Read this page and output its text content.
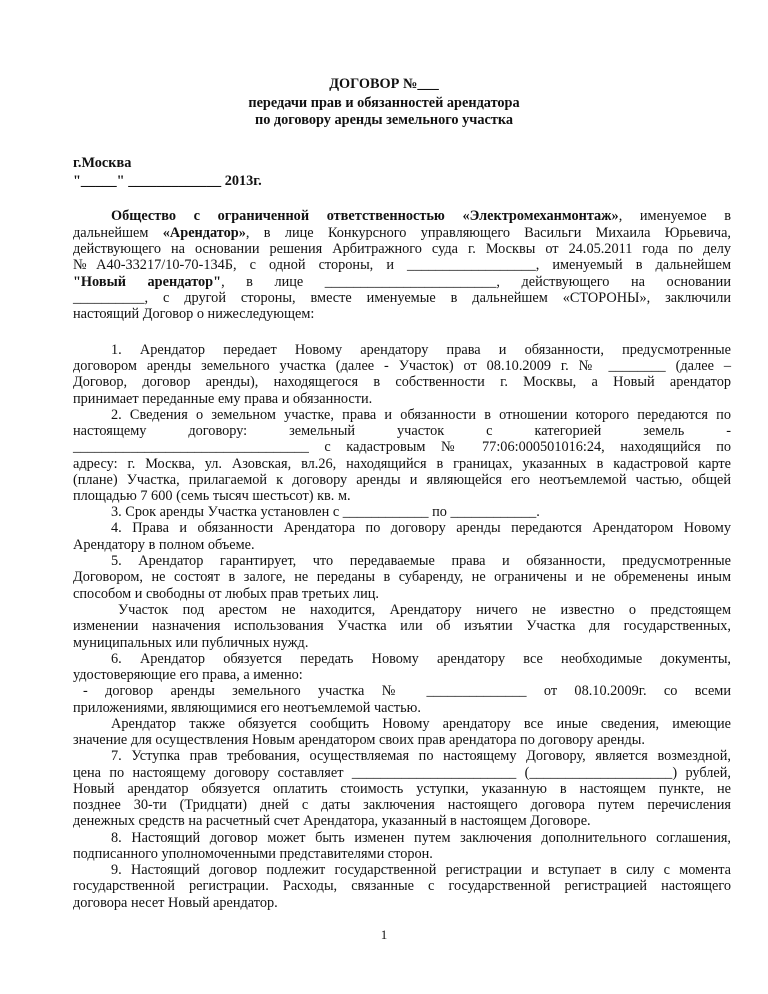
ДОГОВОР №___
передачи прав и обязанностей арендатора
по договору аренды земельного участка
г.Москва
"_____" _____________ 2013г.
Общество с ограниченной ответственностью «Электромеханмонтаж», именуемое в
дальнейшем «Арендатор», в лице Конкурсного управляющего Васильги Михаила Юрьевича,
действующего на основании решения Арбитражного суда г. Москвы от 24.05.2011 года по делу
№А40-33217/10-70-134Б, с одной стороны, и __________________, именуемый в дальнейшем
"Новый арендатор", в лице ________________________, действующего на основании
__________, с другой стороны, вместе именуемые в дальнейшем «СТОРОНЫ», заключили
настоящий Договор о нижеследующем:
1. Арендатор передает Новому арендатору права и обязанности, предусмотренные
договором аренды земельного участка (далее - Участок) от 08.10.2009 г. № ________ (далее –
Договор, договор аренды), находящегося в собственности г. Москвы, а Новый арендатор
принимает переданные ему права и обязанности.
2. Сведения о земельном участке, права и обязанности в отношении которого передаются по
настоящему договору: земельный участок с категорией земель -
_________________________________ с кадастровым № 77:06:000501016:24, находящийся по
адресу: г. Москва, ул. Азовская, вл.26, находящийся в границах, указанных в кадастровой карте
(плане) Участка, прилагаемой к договору аренды и являющейся его неотъемлемой частью, общей
площадью 7 600 (семь тысяч шестьсот) кв. м.
3. Срок аренды Участка установлен с ____________ по ____________.
4. Права и обязанности Арендатора по договору аренды передаются Арендатором Новому
Арендатору в полном объеме.
5. Арендатор гарантирует, что передаваемые права и обязанности, предусмотренные
Договором, не состоят в залоге, не переданы в субаренду, не ограничены и не обременены иным
способом и свободны от любых прав третьих лиц.
Участок под арестом не находится, Арендатору ничего не известно о предстоящем
изменении назначения использования Участка или об изъятии Участка для государственных,
муниципальных или публичных нужд.
6. Арендатор обязуется передать Новому арендатору все необходимые документы,
удостоверяющие его права, а именно:
- договор аренды земельного участка № ______________ от 08.10.2009г. со всеми
приложениями, являющимися его неотъемлемой частью.
Арендатор также обязуется сообщить Новому арендатору все иные сведения, имеющие
значение для осуществления Новым арендатором своих прав арендатора по договору аренды.
7. Уступка прав требования, осуществляемая по настоящему Договору, является возмездной,
цена по настоящему договору составляет _______________________ (____________________) рублей,
Новый арендатор обязуется оплатить стоимость уступки, указанную в настоящем пункте, не
позднее 30-ти (Тридцати) дней с даты заключения настоящего договора путем перечисления
денежных средств на расчетный счет Арендатора, указанный в настоящем Договоре.
8. Настоящий договор может быть изменен путем заключения дополнительного соглашения,
подписанного уполномоченными представителями сторон.
9. Настоящий договор подлежит государственной регистрации и вступает в силу с момента
государственной регистрации. Расходы, связанные с государственной регистрацией настоящего
договора несет Новый арендатор.
1
